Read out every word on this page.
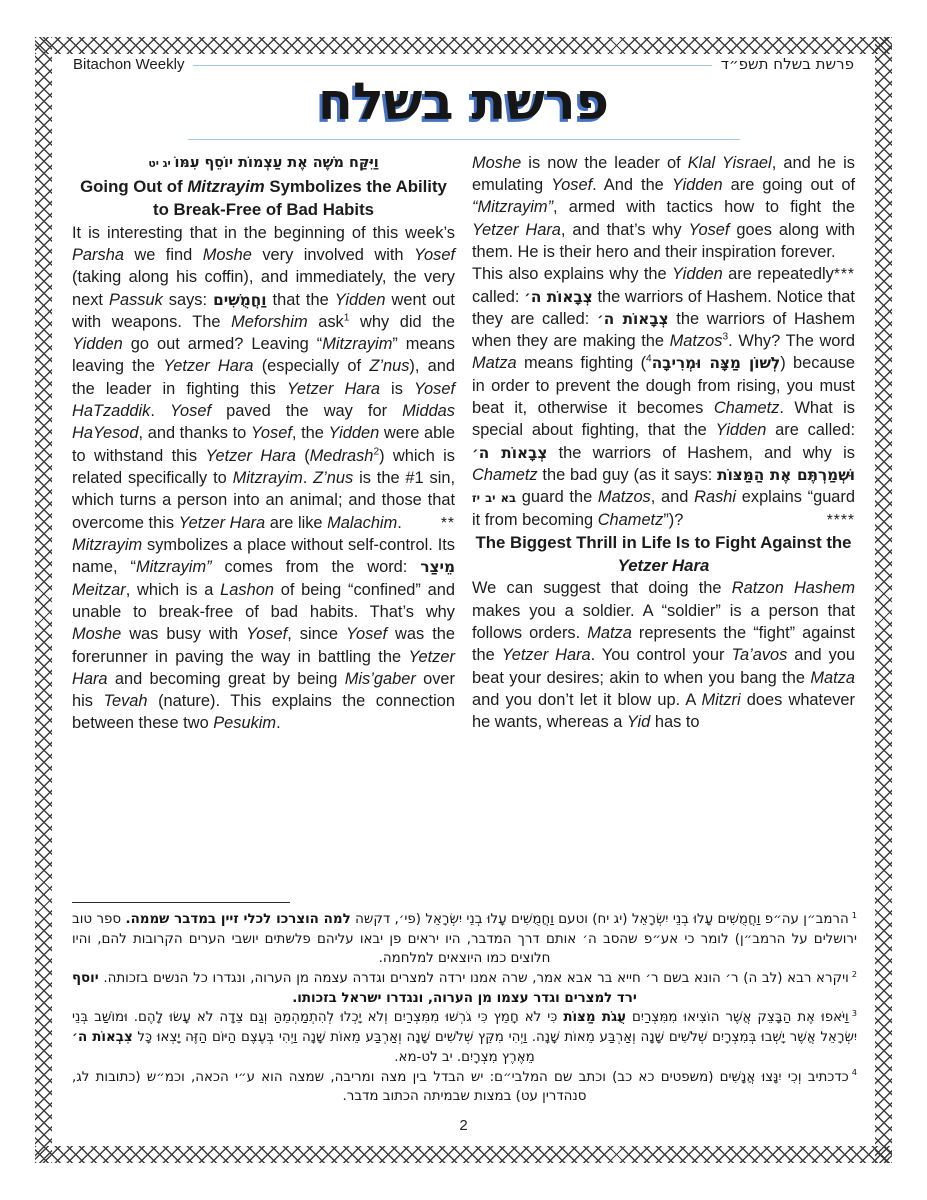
Bitachon Weekly	פרשת בשלח תשפ״ד
פרשת בשלח
וַיִּקַּח מֹשֶׁה אֶת עַצְמוֹת יוֹסֵף עִמּוֹ יג יט
Going Out of Mitzrayim Symbolizes the Ability to Break-Free of Bad Habits
It is interesting that in the beginning of this week’s Parsha we find Moshe very involved with Yosef (taking along his coffin), and immediately, the very next Passuk says: וַחֲמֻשִׁים that the Yidden went out with weapons. The Meforshim ask$^1$ why did the Yidden go out armed? Leaving “Mitzrayim” means leaving the Yetzer Hara (especially of Z’nus), and the leader in fighting this Yetzer Hara is Yosef HaTzaddik. Yosef paved the way for Middas HaYesod, and thanks to Yosef, the Yidden were able to withstand this Yetzer Hara (Medrash$^2$) which is related specifically to Mitzrayim. Z’nus is the #1 sin, which turns a person into an animal; and those that overcome this Yetzer Hara are like Malachim.	**
Mitzrayim symbolizes a place without self-control. Its name, “Mitzrayim” comes from the word: מֵיצַר Meitzar, which is a Lashon of being “confined” and unable to break-free of bad habits. That’s why Moshe was busy with Yosef, since Yosef was the forerunner in paving the way in battling the Yetzer Hara and becoming great by being Mis’gaber over his Tevah (nature). This explains the connection between these two Pesukim.
Moshe is now the leader of Klal Yisrael, and he is emulating Yosef. And the Yidden are going out of “Mitzrayim”, armed with tactics how to fight the Yetzer Hara, and that’s why Yosef goes along with them. He is their hero and their inspiration forever.
***
This also explains why the Yidden are repeatedly called: צְבָאוֹת ה׳ the warriors of Hashem. Notice that they are called: צְבָאוֹת ה׳ the warriors of Hashem when they are making the Matzos$^3$. Why? The word Matza means fighting ($^4$לְשׁוֹן מַצָּה וּמְרִיבָה) because in order to prevent the dough from rising, you must beat it, otherwise it becomes Chametz. What is special about fighting, that the Yidden are called: צְבָאוֹת ה׳ the warriors of Hashem, and why is Chametz the bad guy (as it says: וּשְׁמַרְתֶּם אֶת הַמַּצּוֹת בא יב יז guard the Matzos, and Rashi explains “guard it from becoming Chametz”)?	****
The Biggest Thrill in Life Is to Fight Against the Yetzer Hara
We can suggest that doing the Ratzon Hashem makes you a soldier. A “soldier” is a person that follows orders. Matza represents the “fight” against the Yetzer Hara. You control your Ta’avos and you beat your desires; akin to when you bang the Matza and you don’t let it blow up. A Mitzri does whatever he wants, whereas a Yid has to
$^1$הרמב״ן עה״פ וַחֲמֻשִׁים עָלוּ בְנֵי יִשְׂרָאֵל (יג יח) וטעם וַחֲמֻשִׁים עָלוּ בְנֵי יִשְׂרָאֵל (פי׳, דקשה למה הוצרכו לכלי זיין במדבר שממה. ספר טוב ירושלים על הרמב״ן) לומר כי אע״פ שהסב ה׳ אותם דרך המדבר, היו יראים פן יבאו עליהם פלשתים יושבי הערים הקרובות להם, והיו חלוצים כמו היוצאים למלחמה.
$^2$ויקרא רבא (לב ה) ר׳ הונא בשם ר׳ חייא בר אבא אמר, שרה אמנו ירדה למצרים וגדרה עצמה מן הערוה, ונגדרו כל הנשים בזכותה. יוסף ירד למצרים וגדר עצמו מן הערוה, ונגדרו ישראל בזכותו.
$^3$וַיֹּאפוּ אֶת הַבָּצֵק אֲשֶׁר הוֹצִיאוּ מִמִּצְרַיִם עֻגֹת מַצּוֹת כִּי לֹא חָמֵץ כִּי גֹרְשׁוּ מִמִּצְרַיִם וְלֹא יָכְלוּ לְהִתְמַהְמֵהַּ וְגַם צֵדָה לֹא עָשׂוּ לָהֶם. וּמוֹשַׁב בְּנֵי יִשְׂרָאֵל אֲשֶׁר יָשְׁבוּ בְּמִצְרָיִם שְׁלֹשִׁים שָׁנָה וְאַרְבַּע מֵאוֹת שָׁנָה. וַיְהִי מִקֵּץ שְׁלֹשִׁים שָׁנָה וְאַרְבַּע מֵאוֹת שָׁנָה וַיְהִי בְּעֶצֶם הַיּוֹם הַזֶּה יָצְאוּ כָּל צִבְאוֹת ה׳ מֵאֶרֶץ מִצְרָיִם. יב לט-מא.
$^4$כדכתיב וְכִי יִנָּצוּ אֲנָשִׁים (משפטים כא כב) וכתב שם המלבי״ם: יש הבדל בין מצה ומריבה, שמצה הוא ע״י הכאה, וכמ״ש (כתובות לג, סנהדרין עט) במצות שבמיתה הכתוב מדבר.
2
